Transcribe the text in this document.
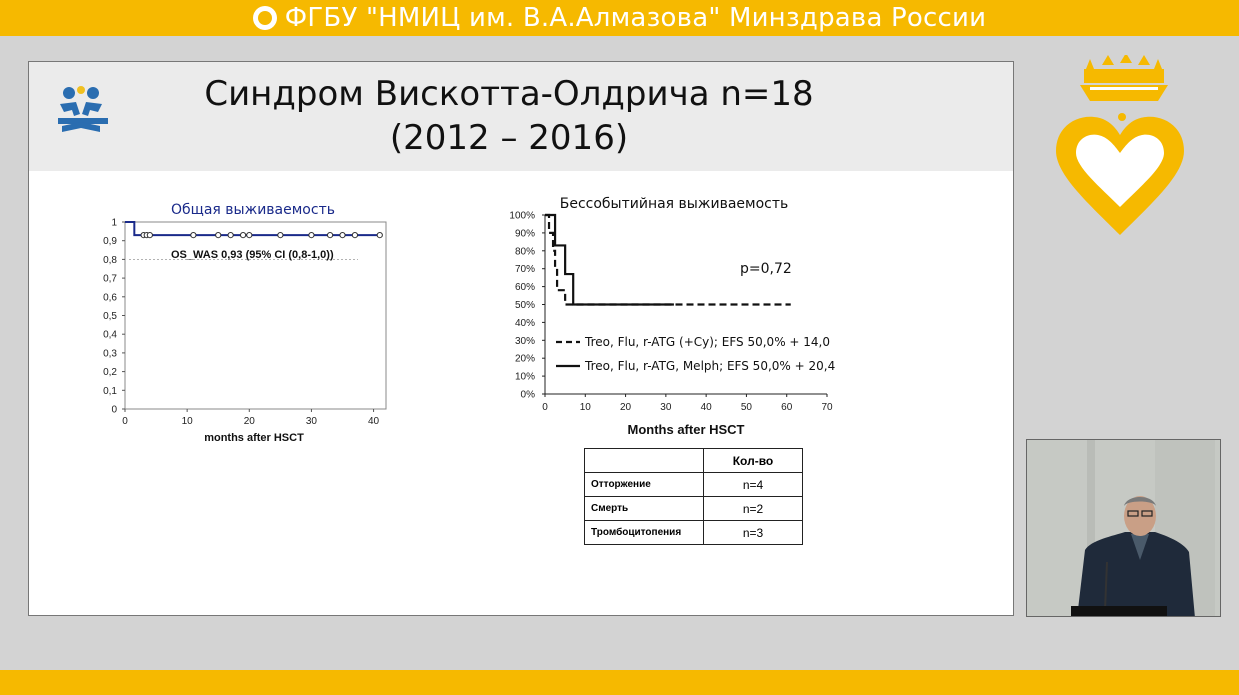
ФГБУ "НМИЦ им. В.А.Алмазова" Минздрава России
Синдром Вискотта-Олдрича n=18
(2012 – 2016)
Общая выживаемость
1
0,9
0,8
0,7
0,6
0,5
0,4
0,3
0,2
0,1
0
0	10	20	30	40
OS_WAS 0,93 (95% CI (0,8-1,0))
months after HSCT
Бессобытийная выживаемость
100%
90%
80%
70%
60%
50%
40%
30%
20%
10%
0%
0	10	20	30	40	50	60	70
p=0,72
Treo, Flu, r-ATG (+Cy); EFS 50,0% + 14,0
Treo, Flu, r-ATG, Melph; EFS 50,0% + 20,4
Months after HSCT
	Кол-во
Отторжение	n=4
Смерть	n=2
Тромбоцитопения	n=3
